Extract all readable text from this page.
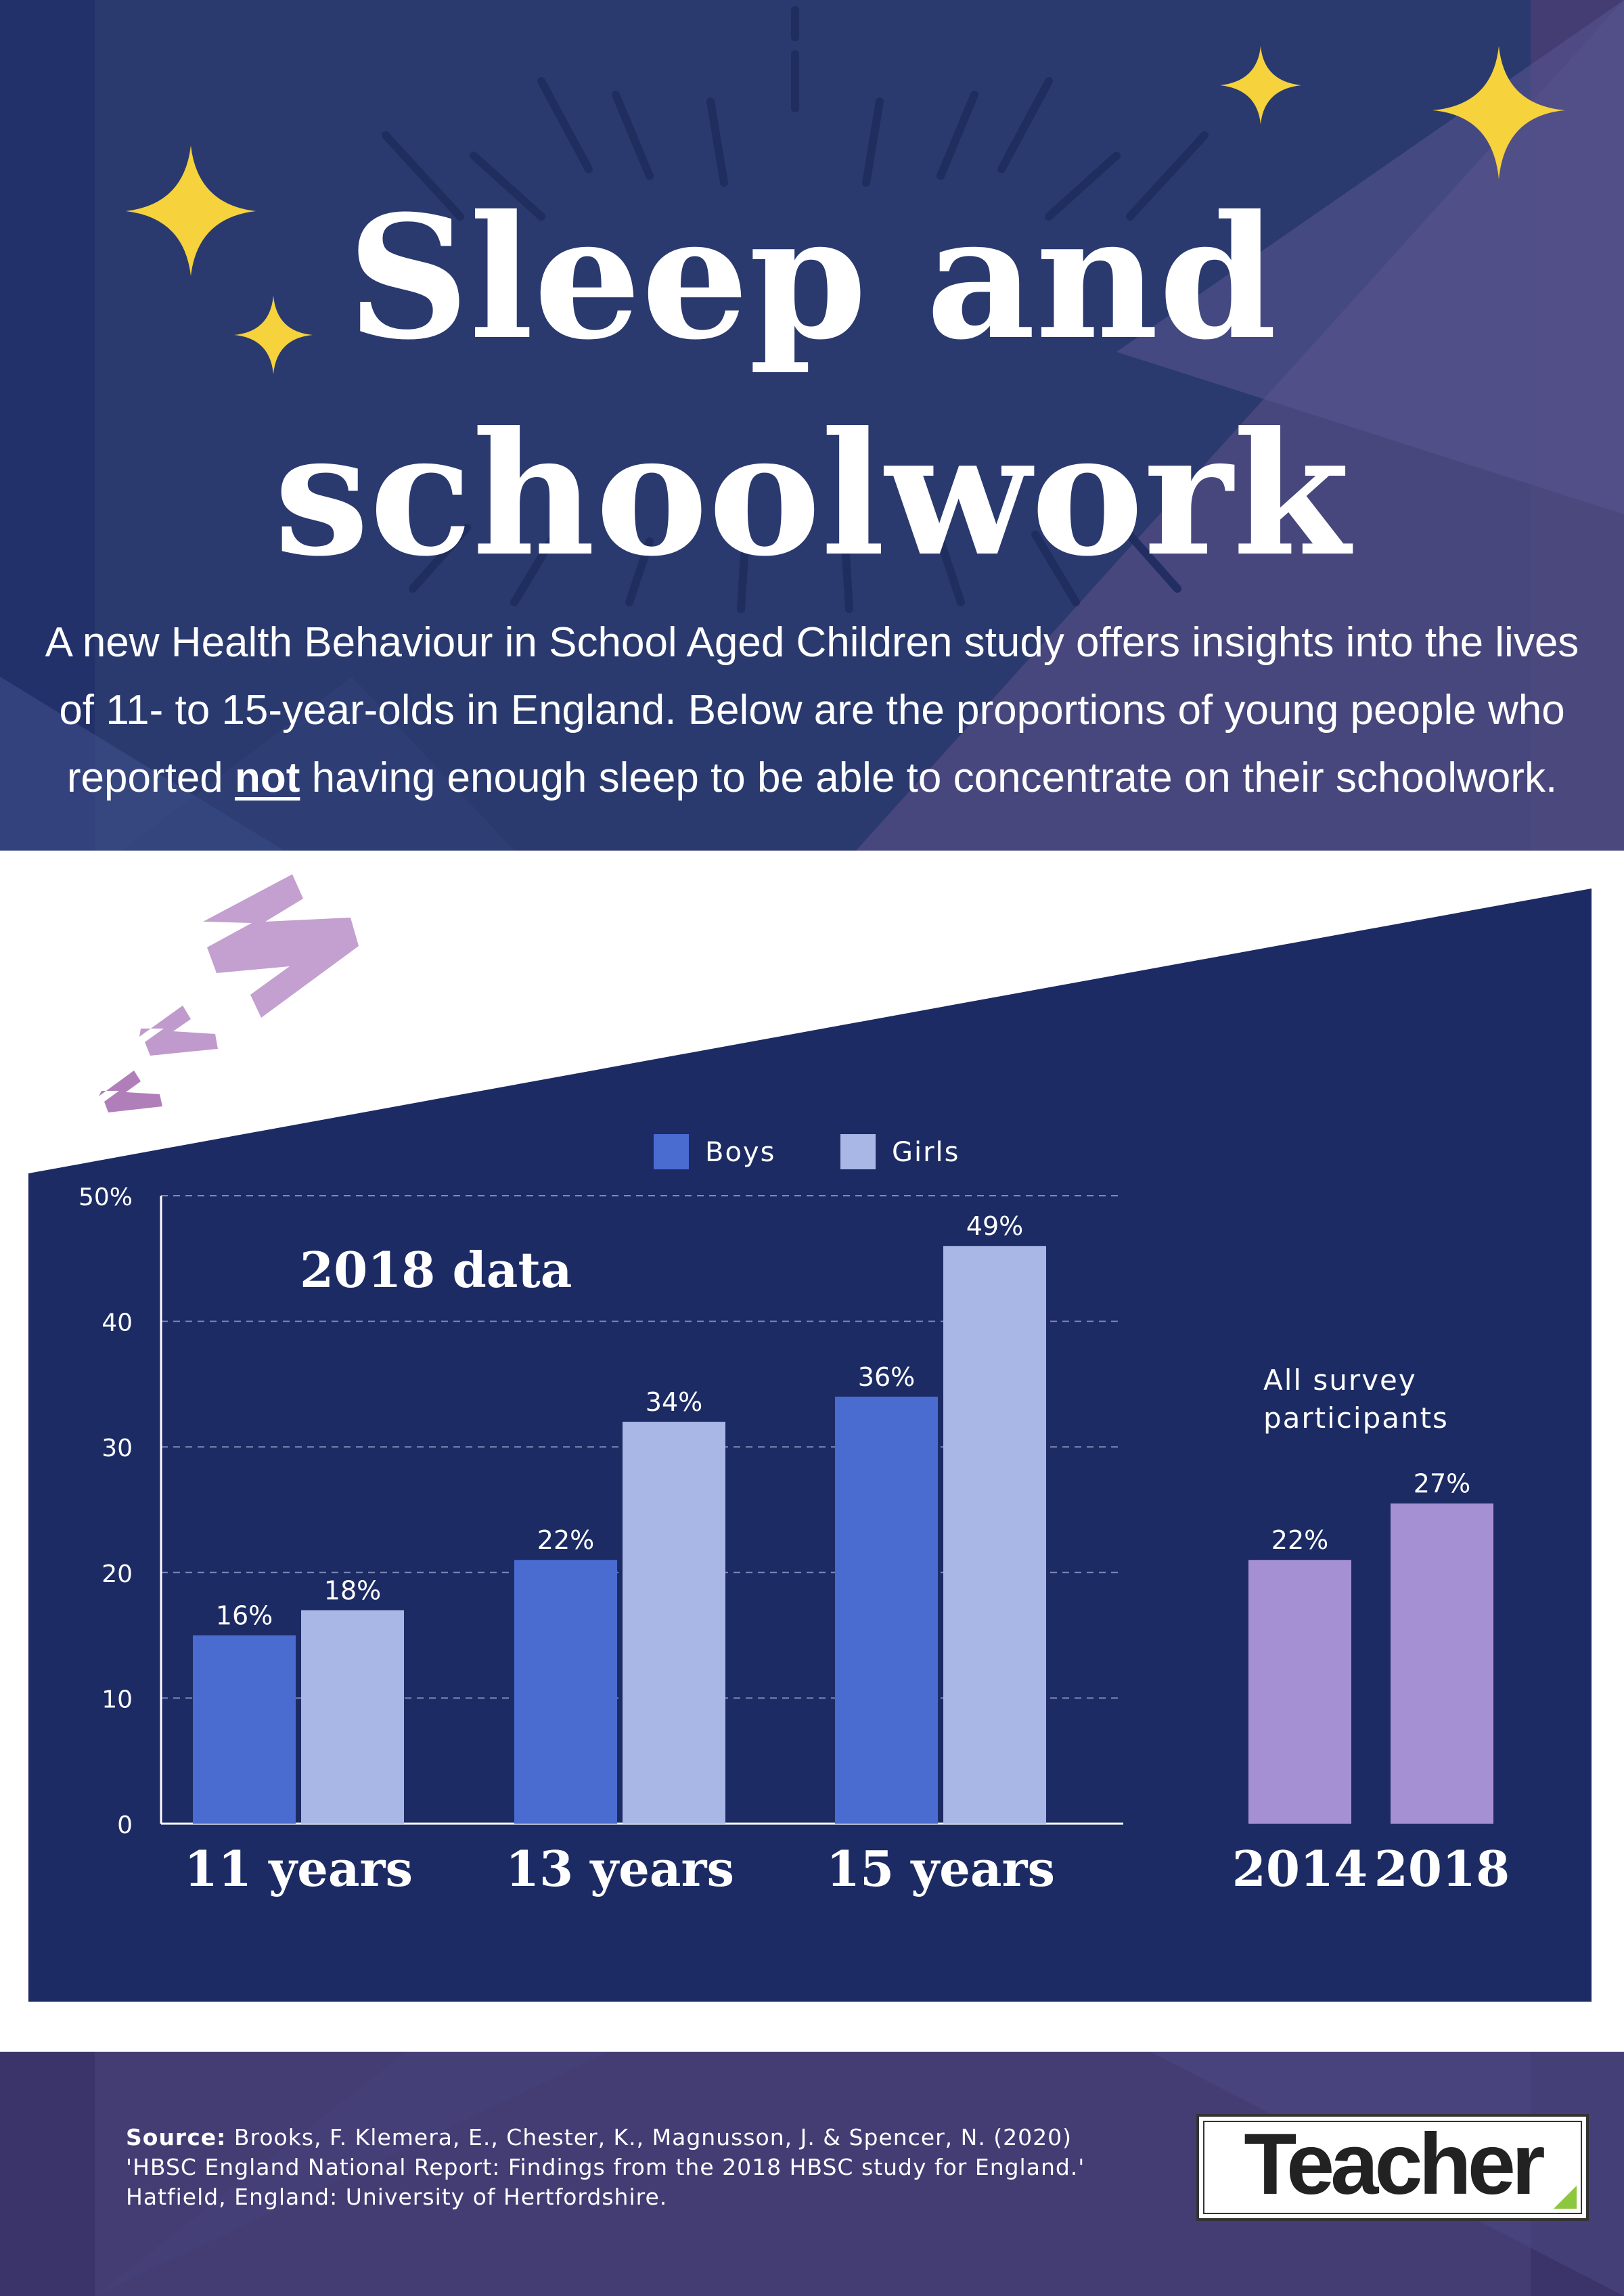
Sleep and
schoolwork
A new Health Behaviour in School Aged Children study offers insights into the lives of 11- to 15-year-olds in England. Below are the proportions of young people who reported not having enough sleep to be able to concentrate on their schoolwork.
Boys	Girls
2018 data
All survey participants
0
10
20
30
40
50%
16%
18%
11 years
22%
34%
13 years
36%
49%
15 years
22%
2014
27%
2018
Source: Brooks, F. Klemera, E., Chester, K., Magnusson, J. & Spencer, N. (2020) 'HBSC England National Report: Findings from the 2018 HBSC study for England.' Hatfield, England: University of Hertfordshire.	Teacher
